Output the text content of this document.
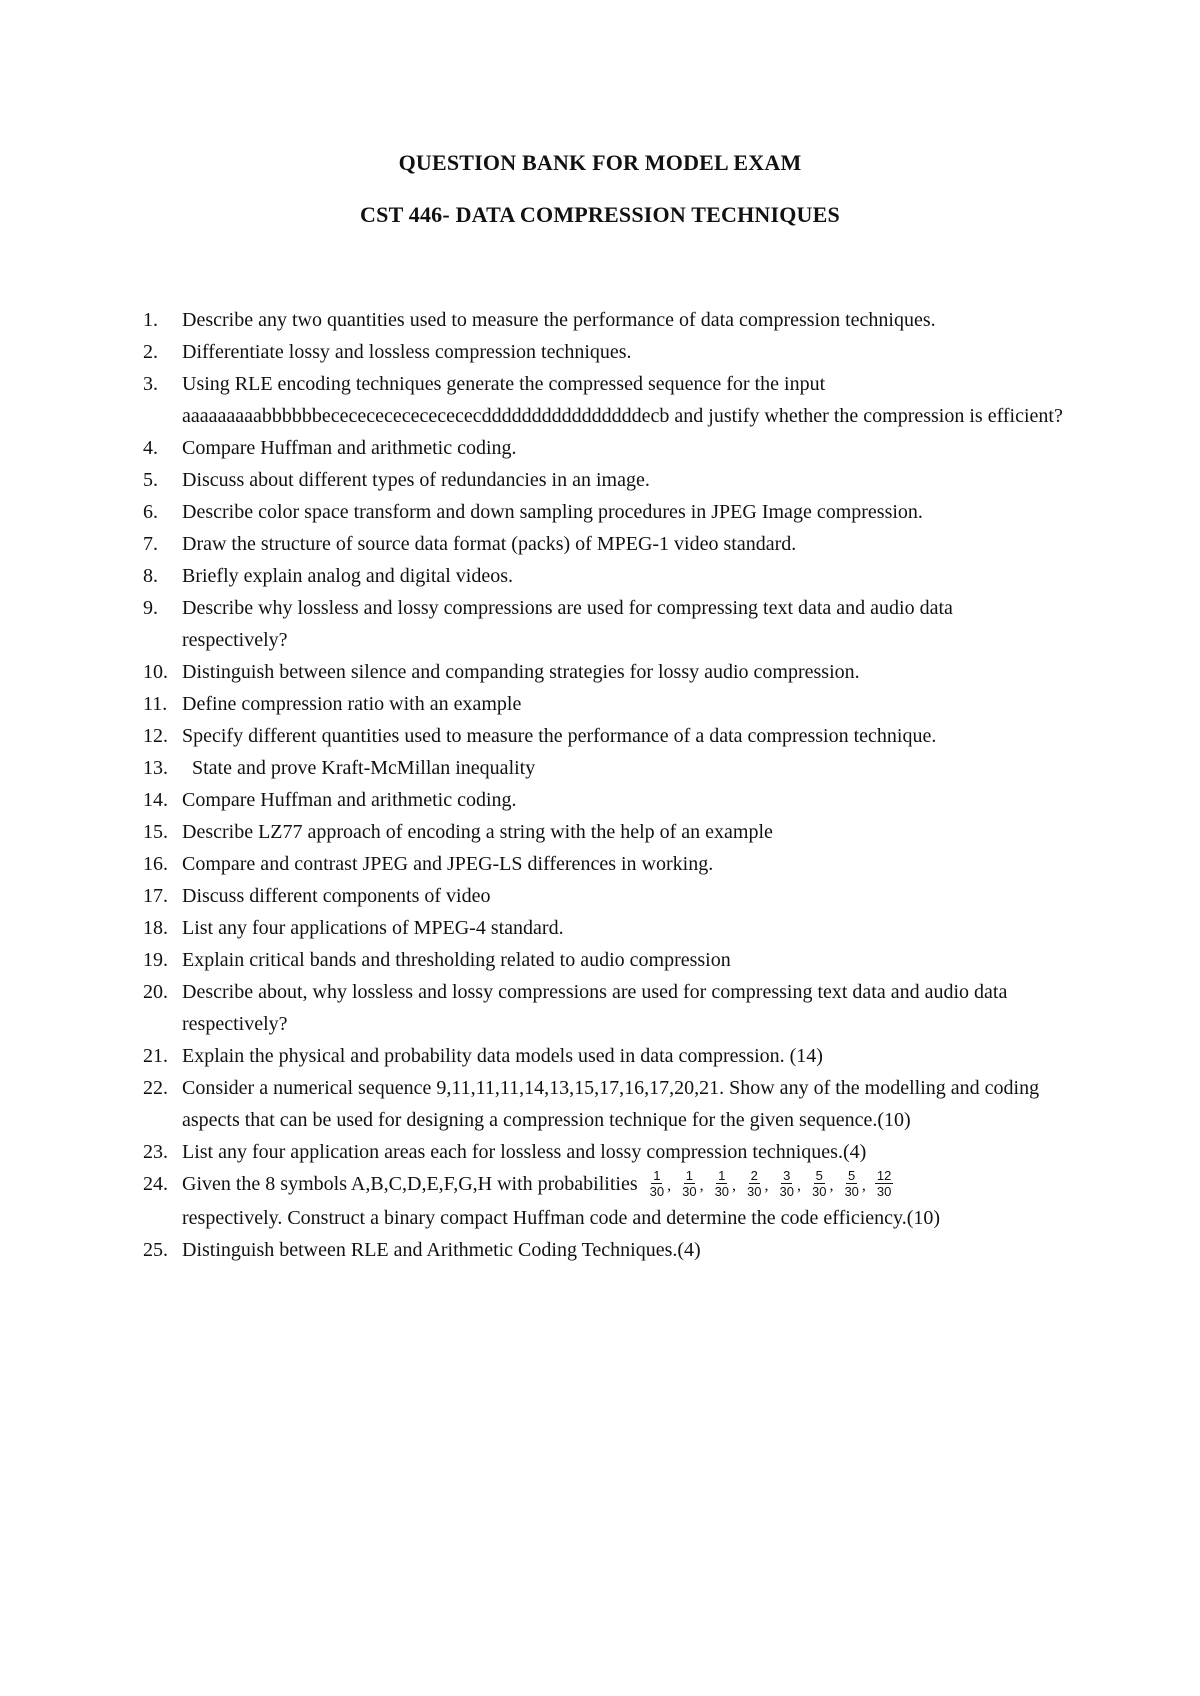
QUESTION BANK FOR MODEL EXAM
CST 446- DATA COMPRESSION TECHNIQUES
1.	Describe any two quantities used to measure the performance of data compression techniques.
2.	Differentiate lossy and lossless compression techniques.
3.	Using RLE encoding techniques generate the compressed sequence for the input aaaaaaaaabbbbbbecececececececececddddddddddddddddecb and justify whether the compression is efficient?
4.	Compare Huffman and arithmetic coding.
5.	Discuss about different types of redundancies in an image.
6.	Describe color space transform and down sampling procedures in JPEG Image compression.
7.	Draw the structure of source data format (packs) of MPEG-1 video standard.
8.	Briefly explain analog and digital videos.
9.	Describe why lossless and lossy compressions are used for compressing text data and audio data respectively?
10. Distinguish between silence and companding strategies for lossy audio compression.
11. Define compression ratio with an example
12. Specify different quantities used to measure the performance of a data compression technique.
13. State and prove Kraft-McMillan inequality
14. Compare Huffman and arithmetic coding.
15. Describe LZ77 approach of encoding a string with the help of an example
16. Compare and contrast JPEG and JPEG-LS differences in working.
17. Discuss different components of video
18. List any four applications of MPEG-4 standard.
19. Explain critical bands and thresholding related to audio compression
20. Describe about, why lossless and lossy compressions are used for compressing text data and audio data respectively?
21. Explain the physical and probability data models used in data compression. (14)
22. Consider a numerical sequence 9,11,11,11,14,13,15,17,16,17,20,21. Show any of the modelling and coding aspects that can be used for designing a compression technique for the given sequence.(10)
23. List any four application areas each for lossless and lossy compression techniques.(4)
24. Given the 8 symbols A,B,C,D,E,F,G,H with probabilities $\frac{1}{30}$ , $\frac{1}{30}$ , $\frac{1}{30}$ , $\frac{2}{30}$ , $\frac{3}{30}$ , $\frac{5}{30}$ , $\frac{5}{30}$ , $\frac{12}{30}$

respectively. Construct a binary compact Huffman code and determine the code efficiency.(10)
25. Distinguish between RLE and Arithmetic Coding Techniques.(4)
